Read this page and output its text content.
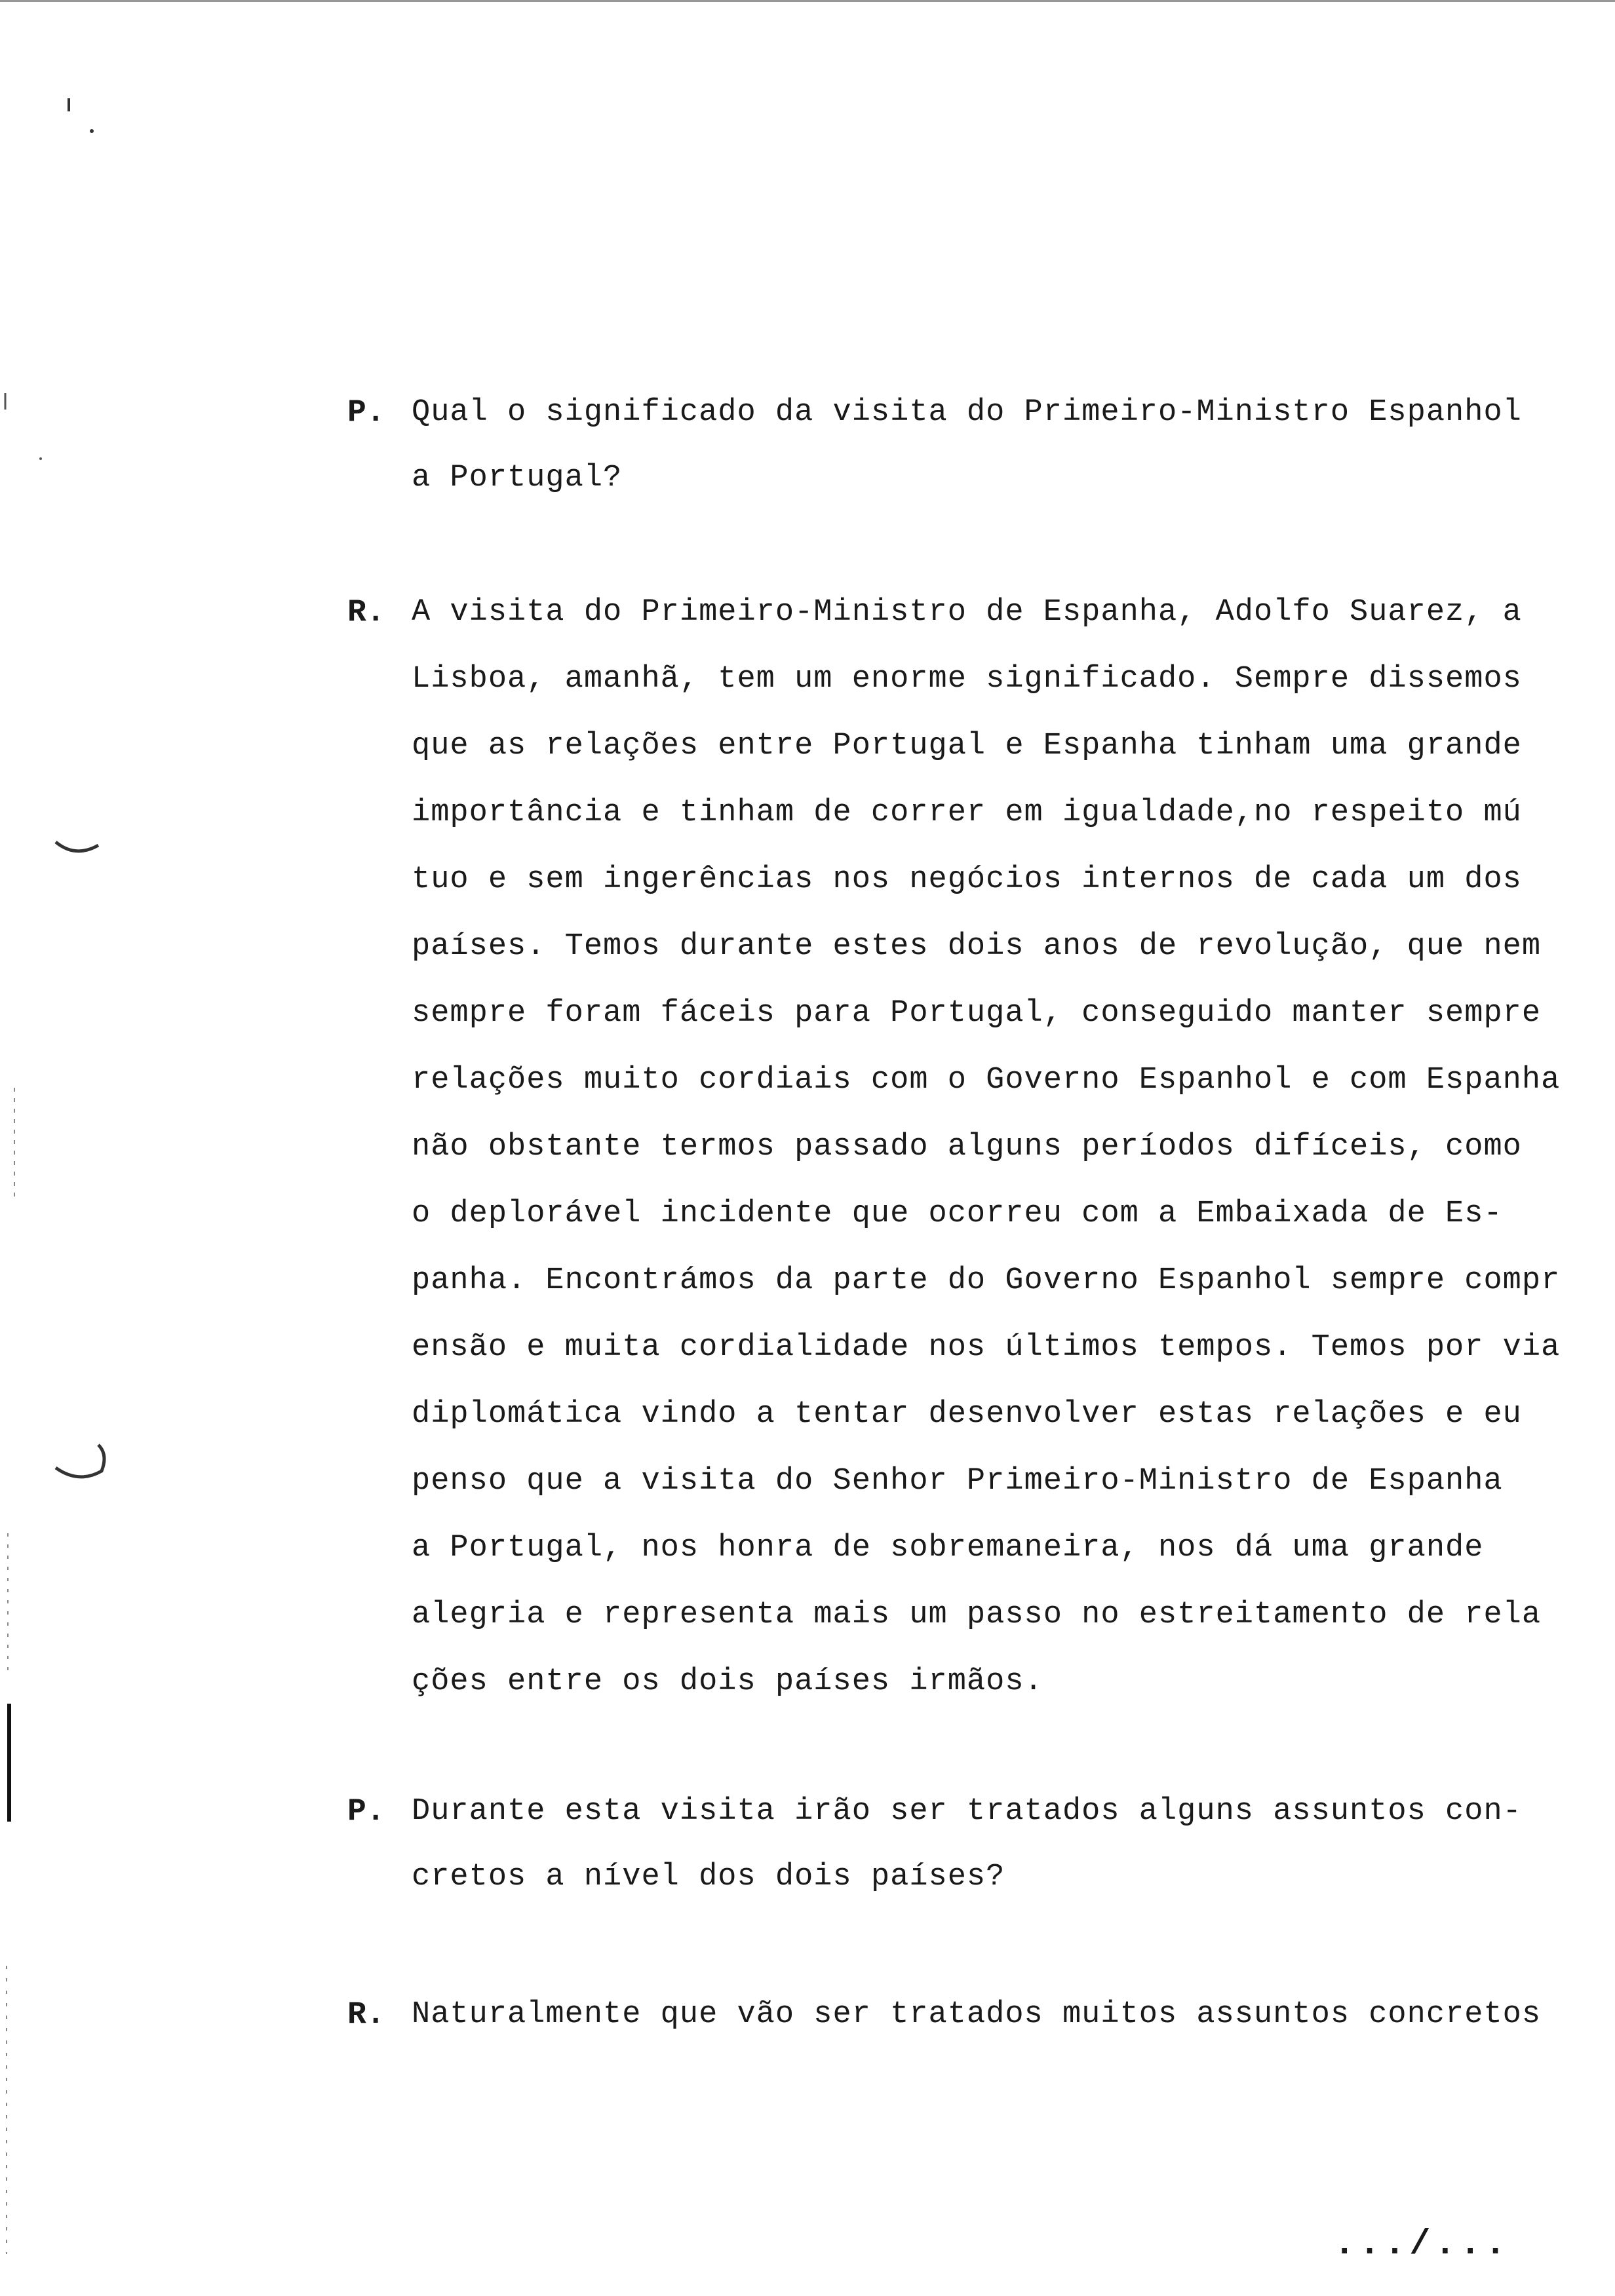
P. Qual o significado da visita do Primeiro-Ministro Espanhol
a Portugal?
R. A visita do Primeiro-Ministro de Espanha, Adolfo Suarez, a
Lisboa, amanhã, tem um enorme significado. Sempre dissemos
que as relações entre Portugal e Espanha tinham uma grande
importância e tinham de correr em igualdade,no respeito mú
tuo e sem ingerências nos negócios internos de cada um dos
países. Temos durante estes dois anos de revolução, que nem
sempre foram fáceis para Portugal, conseguido manter sempre
relações muito cordiais com o Governo Espanhol e com Espanha
não obstante termos passado alguns períodos difíceis, como
o deplorável incidente que ocorreu com a Embaixada de Es-
panha. Encontrámos da parte do Governo Espanhol sempre compr
ensão e muita cordialidade nos últimos tempos. Temos por via
diplomática vindo a tentar desenvolver estas relações e eu
penso que a visita do Senhor Primeiro-Ministro de Espanha
a Portugal, nos honra de sobremaneira, nos dá uma grande
alegria e representa mais um passo no estreitamento de rela
ções entre os dois países irmãos.
P. Durante esta visita irão ser tratados alguns assuntos con-
cretos a nível dos dois países?
R. Naturalmente que vão ser tratados muitos assuntos concretos
.../...
